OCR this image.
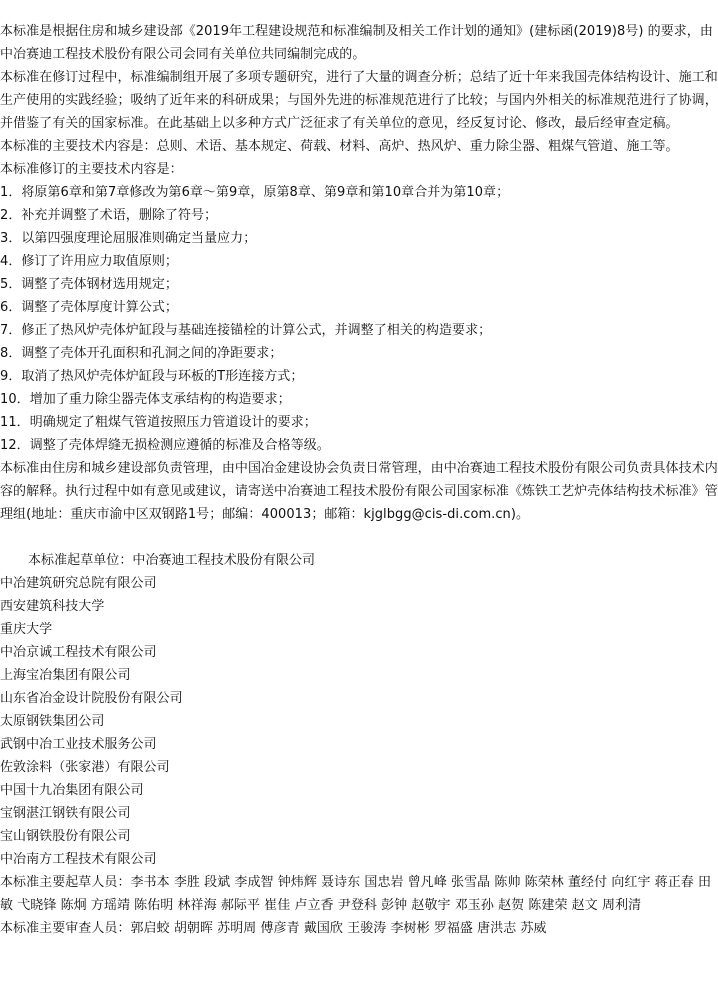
本标准是根据住房和城乡建设部《2019年工程建设规范和标准编制及相关工作计划的通知》(建标函(2019)8号) 的要求，由中冶赛迪工程技术股份有限公司会同有关单位共同编制完成的。
本标准在修订过程中，标准编制组开展了多项专题研究，进行了大量的调查分析；总结了近十年来我国壳体结构设计、施工和生产使用的实践经验；吸纳了近年来的科研成果；与国外先进的标准规范进行了比较；与国内外相关的标准规范进行了协调，并借鉴了有关的国家标准。在此基础上以多种方式广泛征求了有关单位的意见，经反复讨论、修改，最后经审查定稿。
本标准的主要技术内容是：总则、术语、基本规定、荷载、材料、高炉、热风炉、重力除尘器、粗煤气管道、施工等。
本标准修订的主要技术内容是：
1．将原第6章和第7章修改为第6章～第9章，原第8章、第9章和第10章合并为第10章；
2．补充并调整了术语，删除了符号；
3．以第四强度理论屈服准则确定当量应力；
4．修订了许用应力取值原则；
5．调整了壳体钢材选用规定；
6．调整了壳体厚度计算公式；
7．修正了热风炉壳体炉缸段与基础连接锚栓的计算公式，并调整了相关的构造要求；
8．调整了壳体开孔面积和孔洞之间的净距要求；
9．取消了热风炉壳体炉缸段与环板的T形连接方式；
10．增加了重力除尘器壳体支承结构的构造要求；
11．明确规定了粗煤气管道按照压力管道设计的要求；
12．调整了壳体焊缝无损检测应遵循的标准及合格等级。
本标准由住房和城乡建设部负责管理，由中国冶金建设协会负责日常管理，由中冶赛迪工程技术股份有限公司负责具体技术内容的解释。执行过程中如有意见或建议，请寄送中冶赛迪工程技术股份有限公司国家标准《炼铁工艺炉壳体结构技术标准》管理组(地址：重庆市渝中区双钢路1号；邮编：400013；邮箱：kjglbgg@cis-di.com.cn)。
本标准起草单位：中冶赛迪工程技术股份有限公司
中冶建筑研究总院有限公司
西安建筑科技大学
重庆大学
中冶京诚工程技术有限公司
上海宝冶集团有限公司
山东省冶金设计院股份有限公司
太原钢铁集团公司
武钢中冶工业技术服务公司
佐敦涂料（张家港）有限公司
中国十九冶集团有限公司
宝钢湛江钢铁有限公司
宝山钢铁股份有限公司
中冶南方工程技术有限公司
本标准主要起草人员：李书本 李胜 段斌 李成智 钟炜辉 聂诗东 国忠岩 曾凡峰 张雪晶 陈帅 陈荣林 董经付 向红宇 蒋正春 田敏 弋晓锋 陈炯 方瑶靖 陈佑明 林祥海 郝际平 崔佳 卢立香 尹登科 彭钟 赵敬宇 邓玉孙 赵贺 陈建荣 赵文 周利清
本标准主要审查人员：郭启蛟 胡朝晖 苏明周 傅彦青 戴国欣 王骏涛 李树彬 罗福盛 唐洪志 苏威
